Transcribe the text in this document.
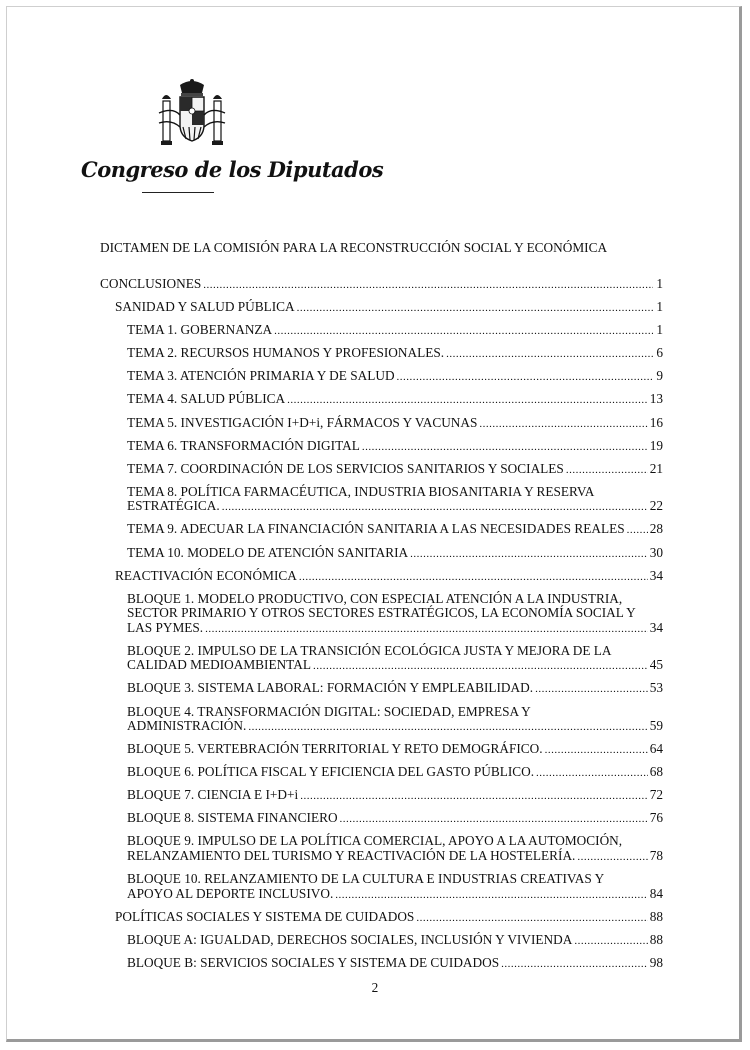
Congreso de los Diputados
DICTAMEN DE LA COMISIÓN PARA LA RECONSTRUCCIÓN SOCIAL Y ECONÓMICA
CONCLUSIONES .....	1
SANIDAD Y SALUD PÚBLICA .....	1
TEMA 1. GOBERNANZA .....	1
TEMA 2. RECURSOS HUMANOS Y PROFESIONALES. .....	6
TEMA 3. ATENCIÓN PRIMARIA Y DE SALUD .....	9
TEMA 4. SALUD PÚBLICA .....	13
TEMA 5. INVESTIGACIÓN I+D+i, FÁRMACOS Y VACUNAS .....	16
TEMA 6. TRANSFORMACIÓN DIGITAL .....	19
TEMA 7. COORDINACIÓN DE LOS SERVICIOS SANITARIOS Y SOCIALES .....	21
TEMA 8. POLÍTICA FARMACÉUTICA, INDUSTRIA BIOSANITARIA Y RESERVA
ESTRATÉGICA. .....	22
TEMA 9. ADECUAR LA FINANCIACIÓN SANITARIA A LAS NECESIDADES REALES ..... 28
TEMA 10. MODELO DE ATENCIÓN SANITARIA .....	30
REACTIVACIÓN ECONÓMICA .....	34
BLOQUE 1. MODELO PRODUCTIVO, CON ESPECIAL ATENCIÓN A LA INDUSTRIA,
SECTOR PRIMARIO Y OTROS SECTORES ESTRATÉGICOS, LA ECONOMÍA SOCIAL Y
LAS PYMES. .....	34
BLOQUE 2. IMPULSO DE LA TRANSICIÓN ECOLÓGICA JUSTA Y MEJORA DE LA
CALIDAD MEDIOAMBIENTAL .....	45
BLOQUE 3. SISTEMA LABORAL: FORMACIÓN Y EMPLEABILIDAD. .....	53
BLOQUE 4. TRANSFORMACIÓN DIGITAL: SOCIEDAD, EMPRESA Y
ADMINISTRACIÓN. .....	59
BLOQUE 5. VERTEBRACIÓN TERRITORIAL Y RETO DEMOGRÁFICO. .....	64
BLOQUE 6. POLÍTICA FISCAL Y EFICIENCIA DEL GASTO PÚBLICO. .....	68
BLOQUE 7. CIENCIA E I+D+i .....	72
BLOQUE 8. SISTEMA FINANCIERO .....	76
BLOQUE 9. IMPULSO DE LA POLÍTICA COMERCIAL, APOYO A LA AUTOMOCIÓN,
RELANZAMIENTO DEL TURISMO Y REACTIVACIÓN DE LA HOSTELERÍA. .....	78
BLOQUE 10. RELANZAMIENTO DE LA CULTURA E INDUSTRIAS CREATIVAS Y
APOYO AL DEPORTE INCLUSIVO. .....	84
POLÍTICAS SOCIALES Y SISTEMA DE CUIDADOS .....	88
BLOQUE A: IGUALDAD, DERECHOS SOCIALES, INCLUSIÓN Y VIVIENDA .....	88
BLOQUE B: SERVICIOS SOCIALES Y SISTEMA DE CUIDADOS .....	98
2
